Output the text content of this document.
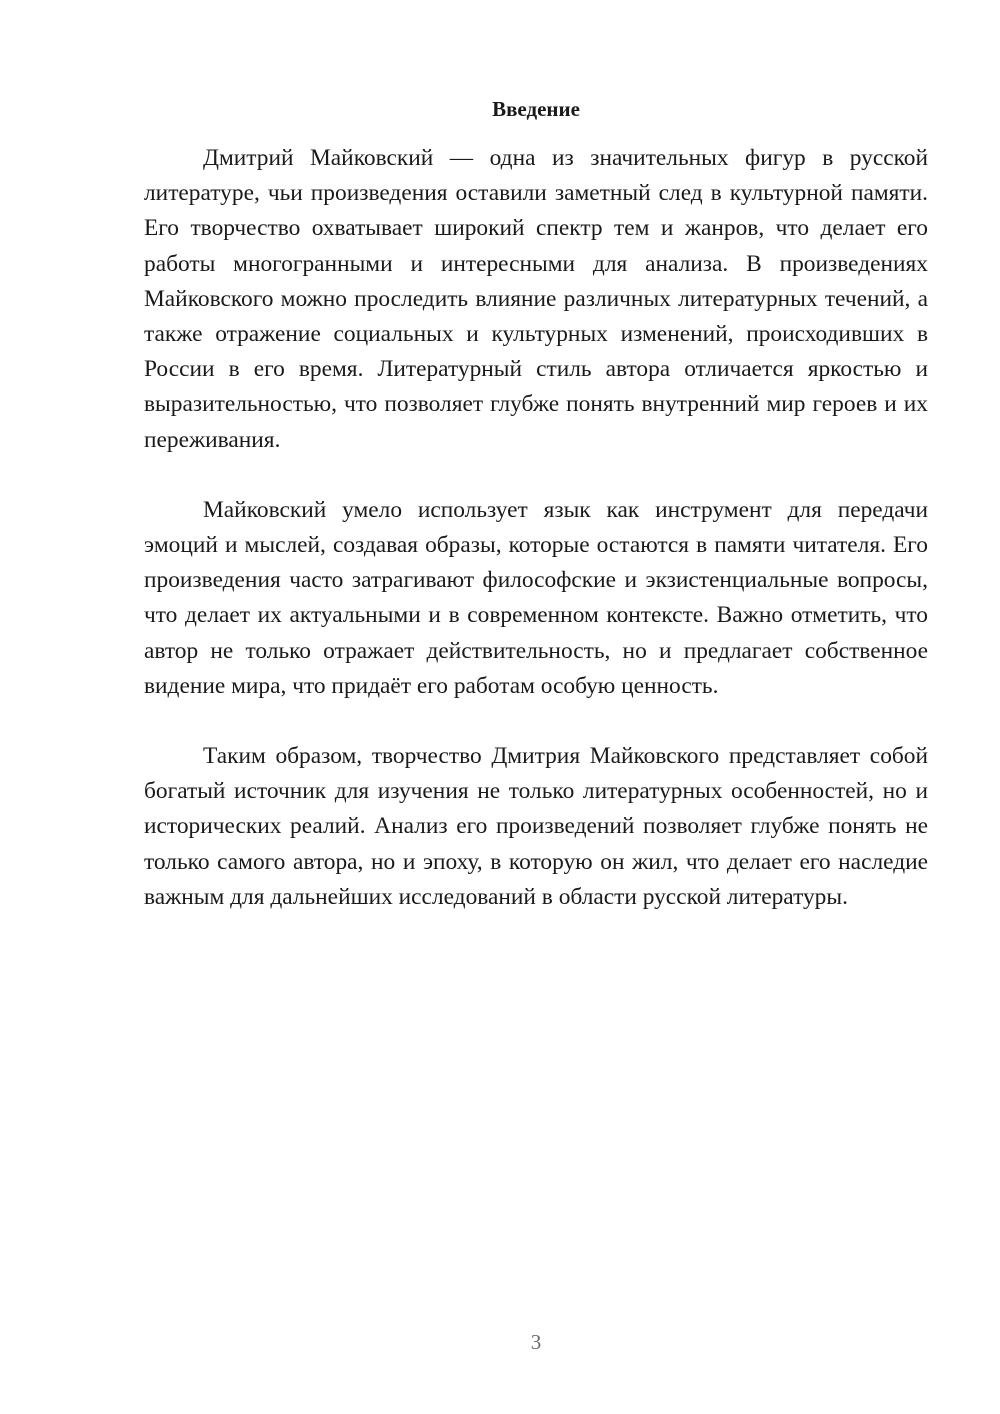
Введение

Дмитрий Майковский — одна из значительных фигур в русской литературе, чьи произведения оставили заметный след в культурной памяти. Его творчество охватывает широкий спектр тем и жанров, что делает его работы многогранными и интересными для анализа. В произведениях Майковского можно проследить влияние различных литературных течений, а также отражение социальных и культурных изменений, происходивших в России в его время. Литературный стиль автора отличается яркостью и выразительностью, что позволяет глубже понять внутренний мир героев и их переживания.

Майковский умело использует язык как инструмент для передачи эмоций и мыслей, создавая образы, которые остаются в памяти читателя. Его произведения часто затрагивают философские и экзистенциальные вопросы, что делает их актуальными и в современном контексте. Важно отметить, что автор не только отражает действительность, но и предлагает собственное видение мира, что придаёт его работам особую ценность.

Таким образом, творчество Дмитрия Майковского представляет собой богатый источник для изучения не только литературных особенностей, но и исторических реалий. Анализ его произведений позволяет глубже понять не только самого автора, но и эпоху, в которую он жил, что делает его наследие важным для дальнейших исследований в области русской литературы.

3
